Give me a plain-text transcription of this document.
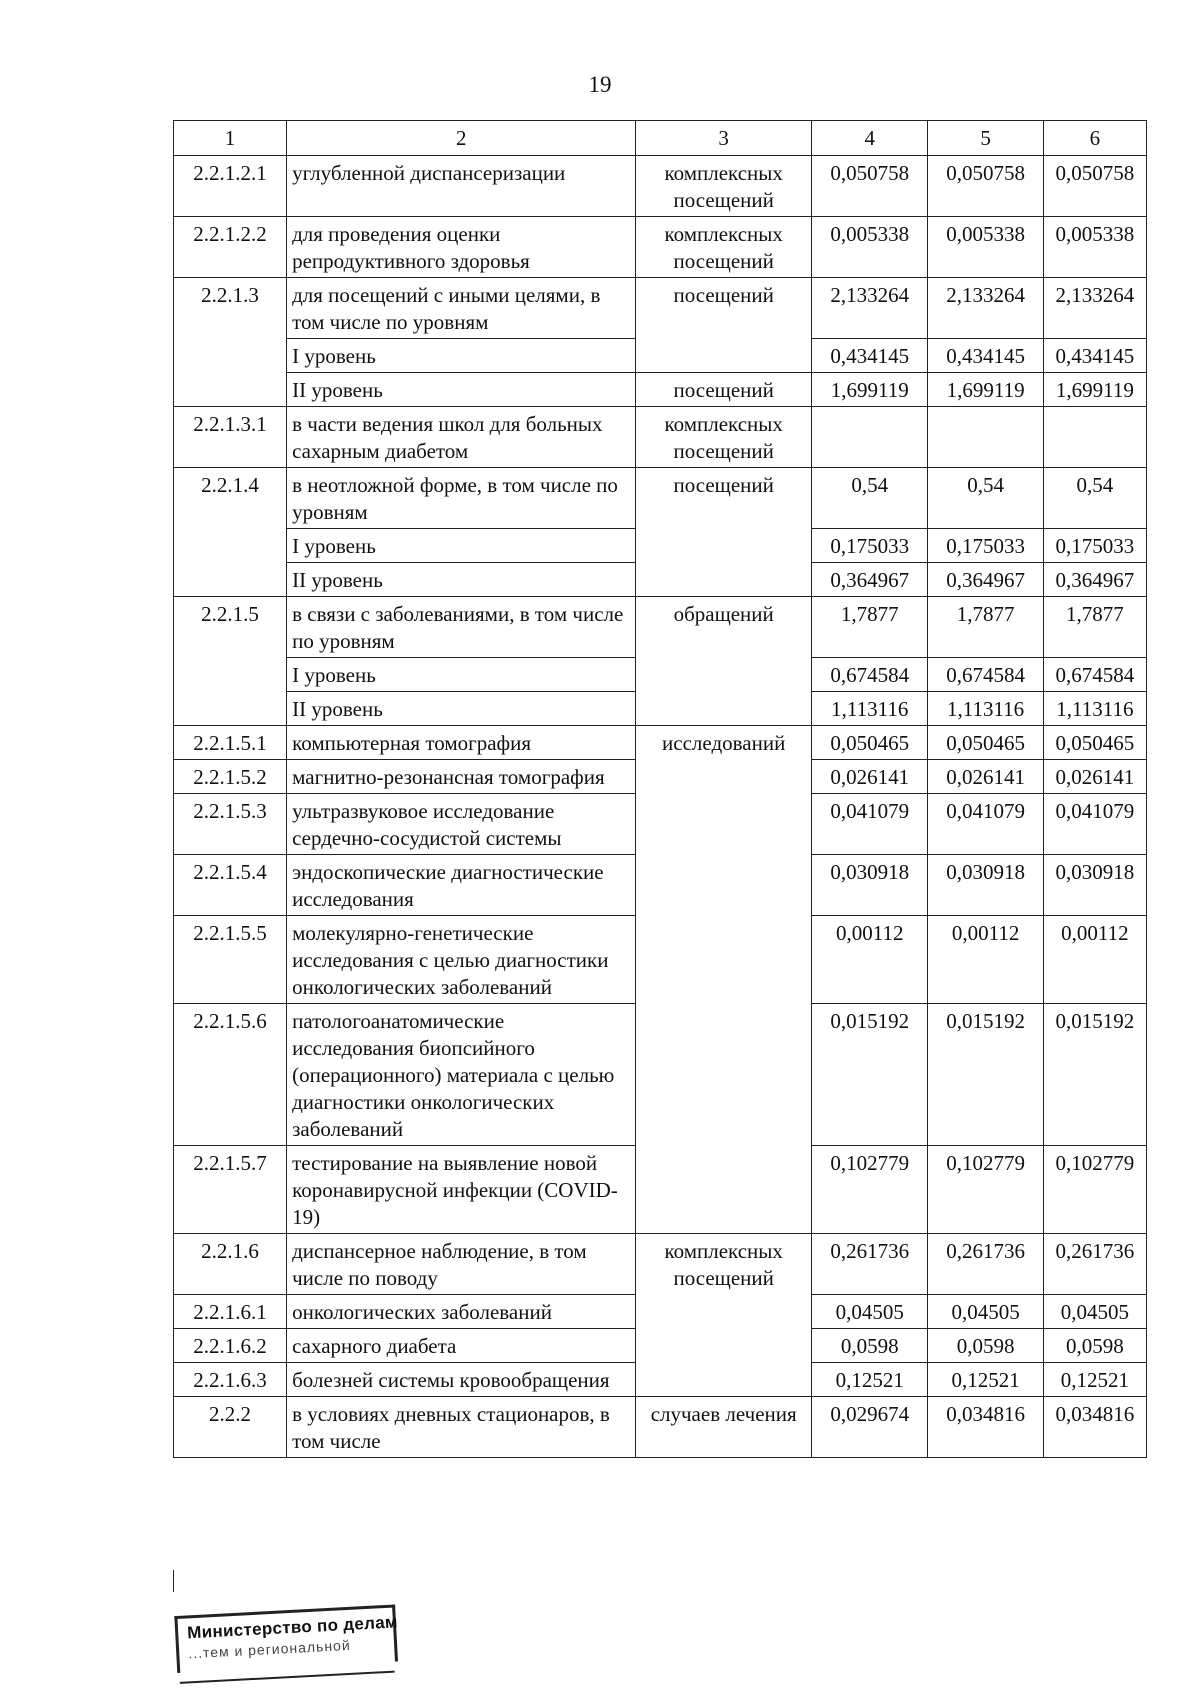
19
1	2	3	4	5	6
2.2.1.2.1	углубленной диспансеризации	комплексных посещений	0,050758	0,050758	0,050758
2.2.1.2.2	для проведения оценки репродуктивного здоровья	комплексных посещений	0,005338	0,005338	0,005338
2.2.1.3	для посещений с иными целями, в том числе по уровням	посещений	2,133264	2,133264	2,133264
	I уровень		0,434145	0,434145	0,434145
	II уровень	посещений	1,699119	1,699119	1,699119
2.2.1.3.1	в части ведения школ для больных сахарным диабетом	комплексных посещений			
2.2.1.4	в неотложной форме, в том числе по уровням	посещений	0,54	0,54	0,54
	I уровень		0,175033	0,175033	0,175033
	II уровень		0,364967	0,364967	0,364967
2.2.1.5	в связи с заболеваниями, в том числе по уровням	обращений	1,7877	1,7877	1,7877
	I уровень		0,674584	0,674584	0,674584
	II уровень		1,113116	1,113116	1,113116
2.2.1.5.1	компьютерная томография	исследований	0,050465	0,050465	0,050465
2.2.1.5.2	магнитно-резонансная томография		0,026141	0,026141	0,026141
2.2.1.5.3	ультразвуковое исследование сердечно-сосудистой системы		0,041079	0,041079	0,041079
2.2.1.5.4	эндоскопические диагностические исследования		0,030918	0,030918	0,030918
2.2.1.5.5	молекулярно-генетические исследования с целью диагностики онкологических заболеваний		0,00112	0,00112	0,00112
2.2.1.5.6	патологоанатомические исследования биопсийного (операционного) материала с целью диагностики онкологических заболеваний		0,015192	0,015192	0,015192
2.2.1.5.7	тестирование на выявление новой коронавирусной инфекции (COVID-19)		0,102779	0,102779	0,102779
2.2.1.6	диспансерное наблюдение, в том числе по поводу	комплексных посещений	0,261736	0,261736	0,261736
2.2.1.6.1	онкологических заболеваний		0,04505	0,04505	0,04505
2.2.1.6.2	сахарного диабета		0,0598	0,0598	0,0598
2.2.1.6.3	болезней системы кровообращения		0,12521	0,12521	0,12521
2.2.2	в условиях дневных стационаров, в том числе	случаев лечения	0,029674	0,034816	0,034816
Министерство по делам
...тем и региональной
